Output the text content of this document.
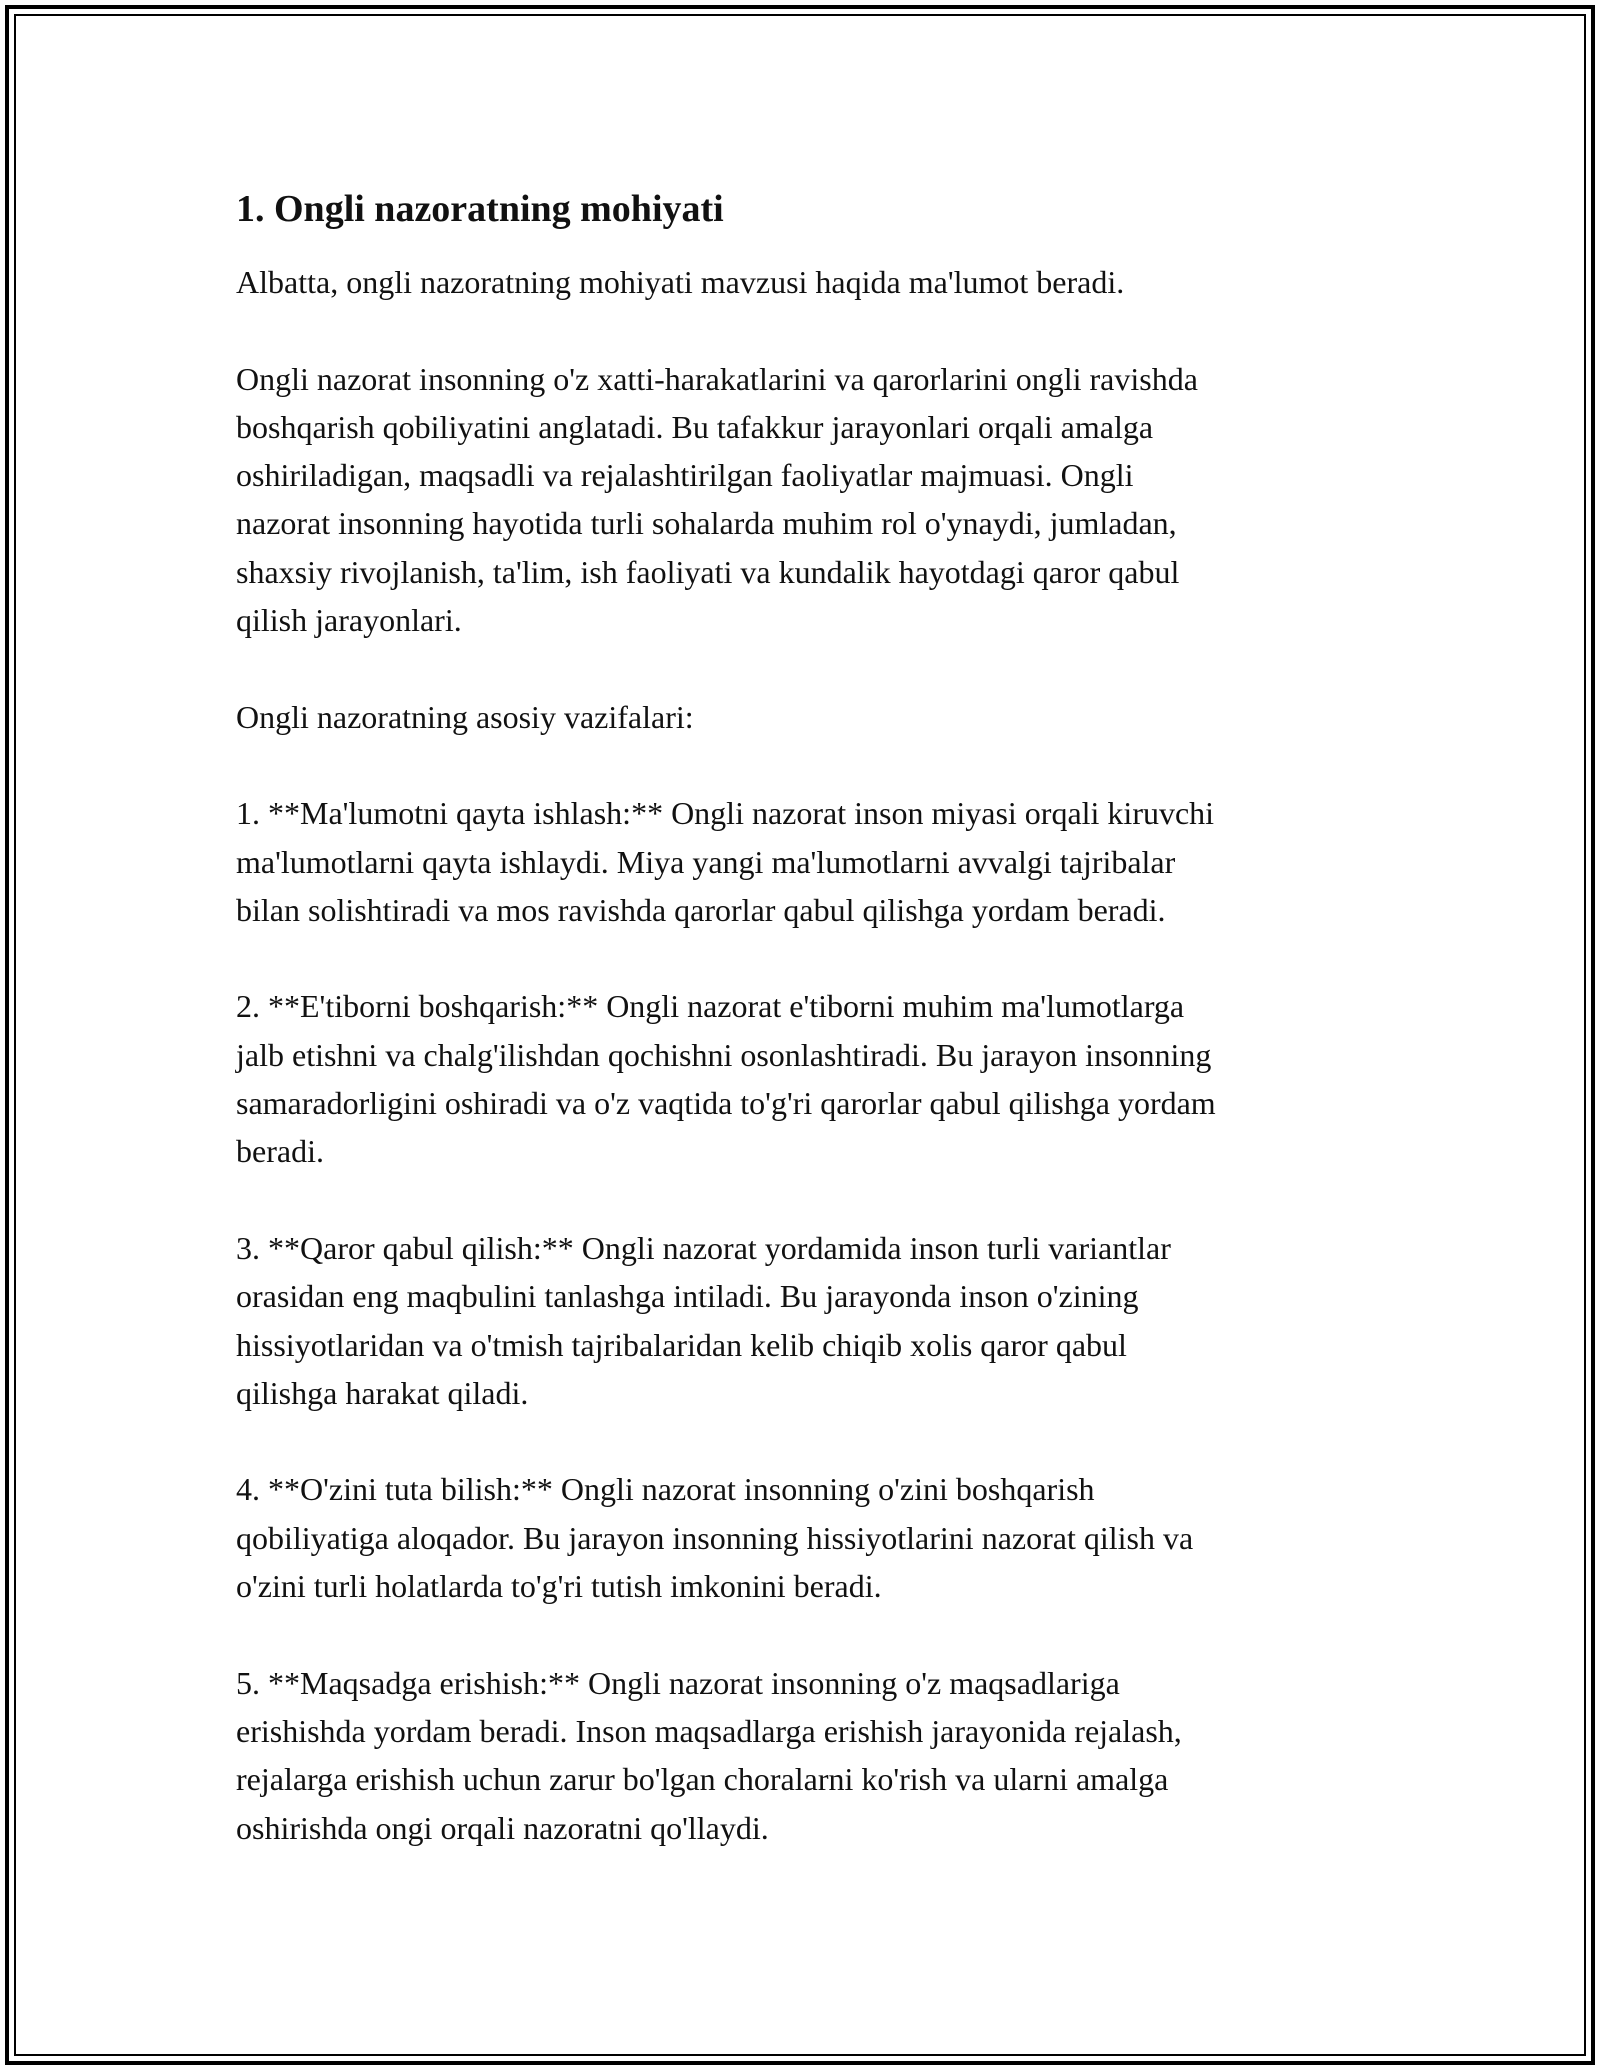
1. Ongli nazoratning mohiyati

Albatta, ongli nazoratning mohiyati mavzusi haqida ma'lumot beradi.

Ongli nazorat insonning o'z xatti-harakatlarini va qarorlarini ongli ravishda
boshqarish qobiliyatini anglatadi. Bu tafakkur jarayonlari orqali amalga
oshiriladigan, maqsadli va rejalashtirilgan faoliyatlar majmuasi. Ongli
nazorat insonning hayotida turli sohalarda muhim rol o'ynaydi, jumladan,
shaxsiy rivojlanish, ta'lim, ish faoliyati va kundalik hayotdagi qaror qabul
qilish jarayonlari.

Ongli nazoratning asosiy vazifalari:

1. **Ma'lumotni qayta ishlash:** Ongli nazorat inson miyasi orqali kiruvchi
ma'lumotlarni qayta ishlaydi. Miya yangi ma'lumotlarni avvalgi tajribalar
bilan solishtiradi va mos ravishda qarorlar qabul qilishga yordam beradi.

2. **E'tiborni boshqarish:** Ongli nazorat e'tiborni muhim ma'lumotlarga
jalb etishni va chalg'ilishdan qochishni osonlashtiradi. Bu jarayon insonning
samaradorligini oshiradi va o'z vaqtida to'g'ri qarorlar qabul qilishga yordam
beradi.

3. **Qaror qabul qilish:** Ongli nazorat yordamida inson turli variantlar
orasidan eng maqbulini tanlashga intiladi. Bu jarayonda inson o'zining
hissiyotlaridan va o'tmish tajribalaridan kelib chiqib xolis qaror qabul
qilishga harakat qiladi.

4. **O'zini tuta bilish:** Ongli nazorat insonning o'zini boshqarish
qobiliyatiga aloqador. Bu jarayon insonning hissiyotlarini nazorat qilish va
o'zini turli holatlarda to'g'ri tutish imkonini beradi.

5. **Maqsadga erishish:** Ongli nazorat insonning o'z maqsadlariga
erishishda yordam beradi. Inson maqsadlarga erishish jarayonida rejalash,
rejalarga erishish uchun zarur bo'lgan choralarni ko'rish va ularni amalga
oshirishda ongi orqali nazoratni qo'llaydi.
